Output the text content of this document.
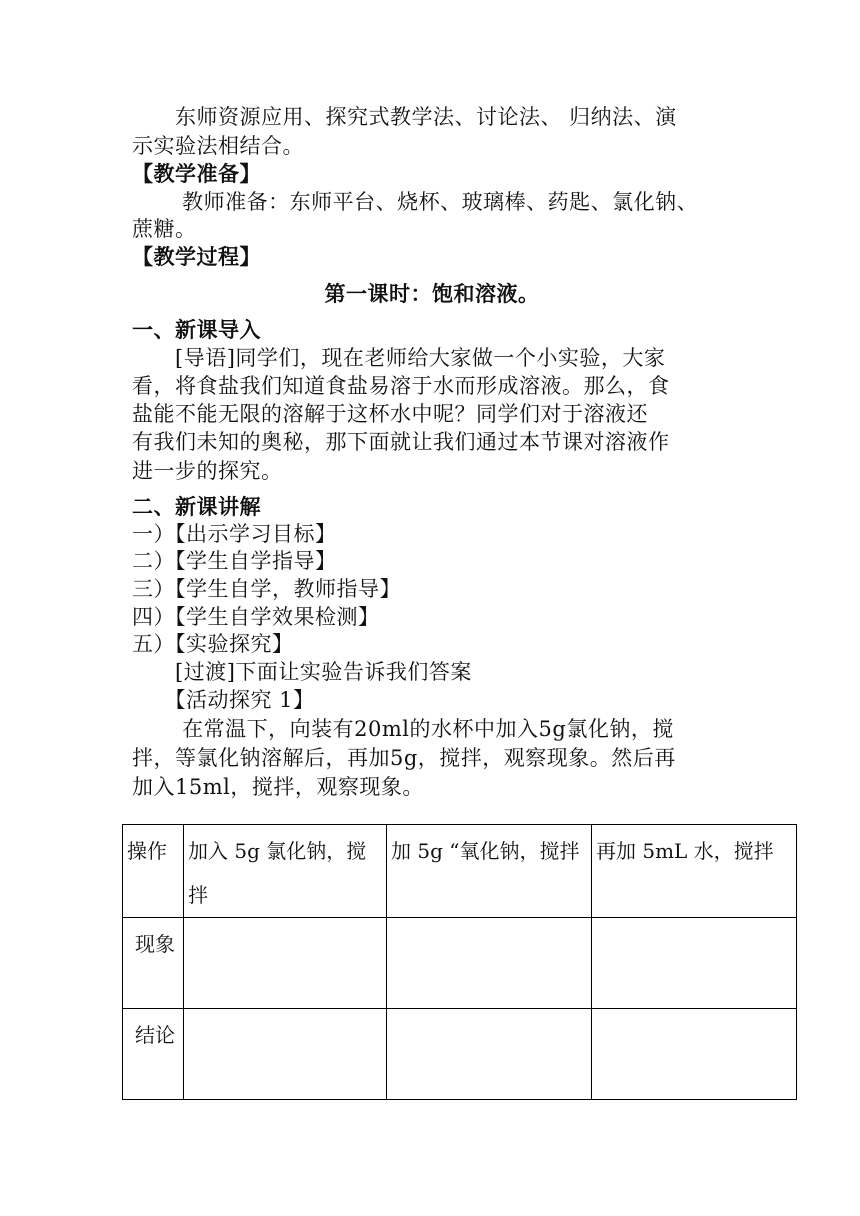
　　东师资源应用、探究式教学法、讨论法、 归纳法、演
示实验法相结合。
【教学准备】
　　 教师准备：东师平台、烧杯、玻璃棒、药匙、氯化钠、
蔗糖。
【教学过程】
第一课时：饱和溶液。
一、新课导入
　　[导语]同学们，现在老师给大家做一个小实验，大家
看，将食盐我们知道食盐易溶于水而形成溶液。那么，食
盐能不能无限的溶解于这杯水中呢？同学们对于溶液还
有我们未知的奥秘，那下面就让我们通过本节课对溶液作
进一步的探究。
二、新课讲解
一）【出示学习目标】
二）【学生自学指导】
三）【学生自学，教师指导】
四）【学生自学效果检测】
五）【实验探究】
　　[过渡]下面让实验告诉我们答案
　　【活动探究 1】
　　 在常温下，向装有20ml的水杯中加入5g氯化钠，搅
拌，等氯化钠溶解后，再加5g，搅拌，观察现象。然后再
加入15ml，搅拌，观察现象。
操作	加入 5g 氯化钠，搅拌	加 5g “氧化钠，搅拌	再加 5mL 水，搅拌
现象			
结论			
